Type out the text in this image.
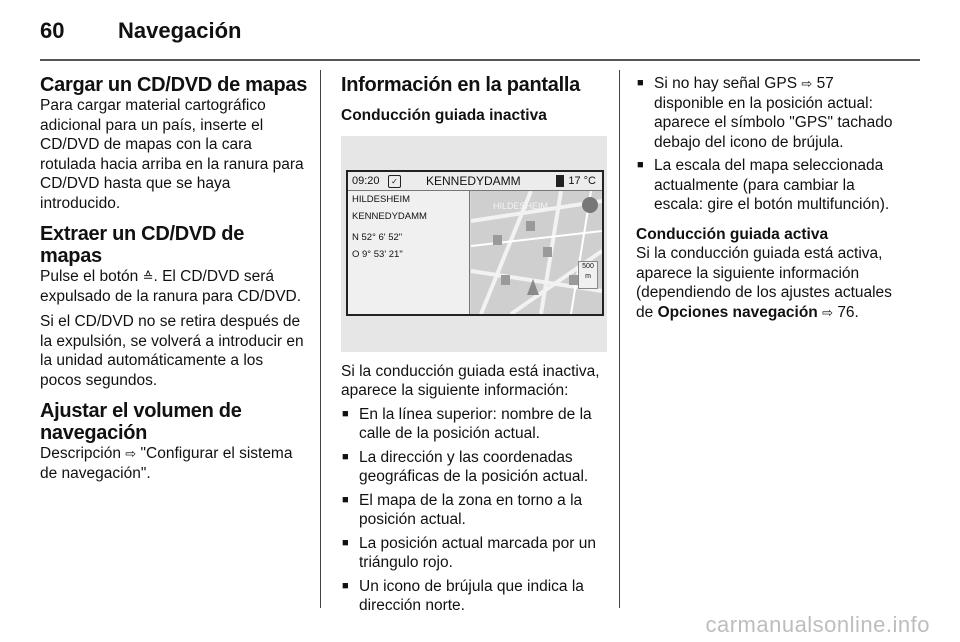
60 Navegación
Cargar un CD/DVD de mapas

Para cargar material cartográfico adicional para un país, inserte el CD/DVD de mapas con la cara rotulada hacia arriba en la ranura para CD/DVD hasta que se haya introducido.

Extraer un CD/DVD de mapas

Pulse el botón ≙. El CD/DVD será expulsado de la ranura para CD/DVD.

Si el CD/DVD no se retira después de la expulsión, se volverá a introducir en la unidad automáticamente a los pocos segundos.

Ajustar el volumen de navegación

Descripción ⇨ "Configurar el sistema de navegación".

Información en la pantalla
Conducción guiada inactiva
09:20	✓ KENNEDYDAMM	17 °C
HILDESHEIM
KENNEDYDAMM
N 52° 6' 52"
O 9° 53' 21"
HILDESHEIM
500
m

Si la conducción guiada está inactiva, aparece la siguiente información:

■ En la línea superior: nombre de la calle de la posición actual.
■ La dirección y las coordenadas geográficas de la posición actual.
■ El mapa de la zona en torno a la posición actual.
■ La posición actual marcada por un triángulo rojo.
■ Un icono de brújula que indica la dirección norte.
■ Si no hay señal GPS ⇨ 57 disponible en la posición actual: aparece el símbolo "GPS" tachado debajo del icono de brújula.
■ La escala del mapa seleccionada actualmente (para cambiar la escala: gire el botón multifunción).
Conducción guiada activa

Si la conducción guiada está activa, aparece la siguiente información (dependiendo de los ajustes actuales de Opciones navegación ⇨ 76.

carmanualsonline.info
